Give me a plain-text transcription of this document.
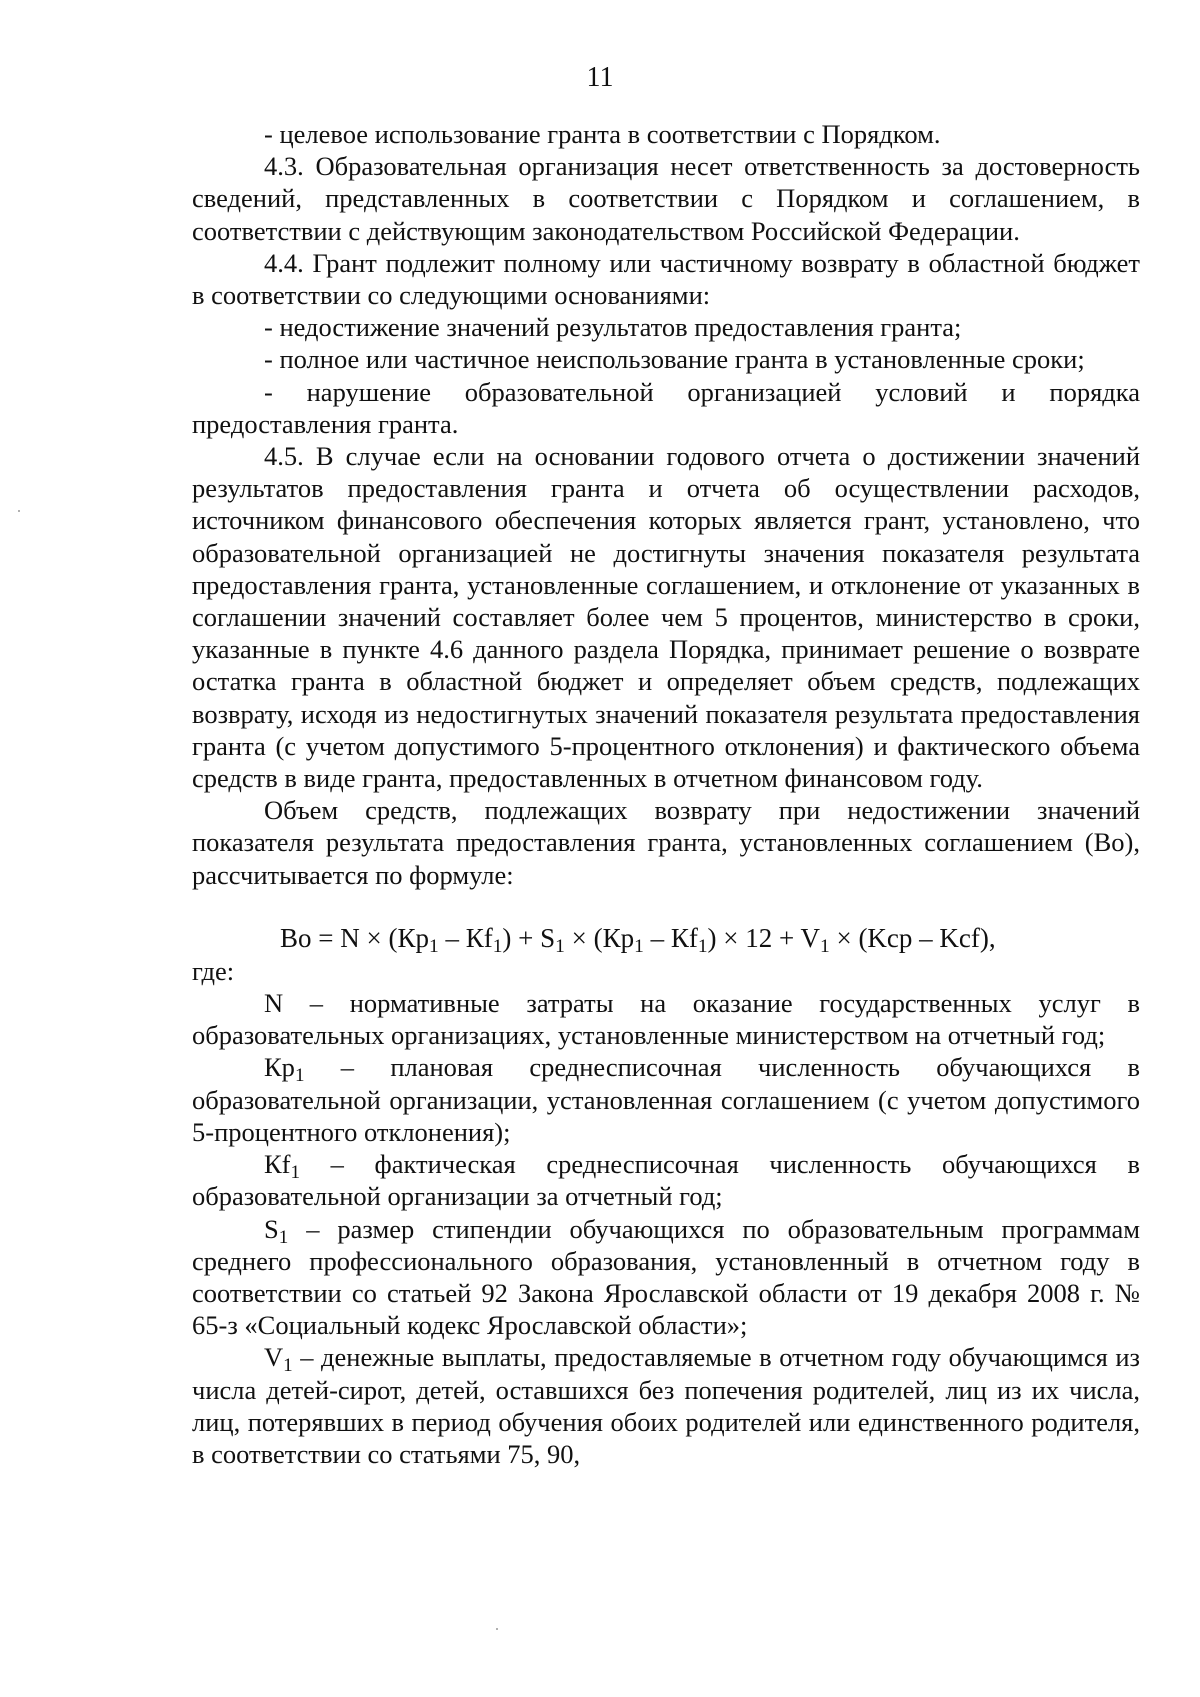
11

- целевое использование гранта в соответствии с Порядком.

4.3. Образовательная организация несет ответственность за достоверность сведений, представленных в соответствии с Порядком и соглашением, в соответствии с действующим законодательством Российской Федерации.

4.4. Грант подлежит полному или частичному возврату в областной бюджет в соответствии со следующими основаниями:

- недостижение значений результатов предоставления гранта;

- полное или частичное неиспользование гранта в установленные сроки;

- нарушение образовательной организацией условий и порядка предоставления гранта.

4.5. В случае если на основании годового отчета о достижении значений результатов предоставления гранта и отчета об осуществлении расходов, источником финансового обеспечения которых является грант, установлено, что образовательной организацией не достигнуты значения показателя результата предоставления гранта, установленные соглашением, и отклонение от указанных в соглашении значений составляет более чем 5 процентов, министерство в сроки, указанные в пункте 4.6 данного раздела Порядка, принимает решение о возврате остатка гранта в областной бюджет и определяет объем средств, подлежащих возврату, исходя из недостигнутых значений показателя результата предоставления гранта (с учетом допустимого 5-процентного отклонения) и фактического объема средств в виде гранта, предоставленных в отчетном финансовом году.

Объем средств, подлежащих возврату при недостижении значений показателя результата предоставления гранта, установленных соглашением (Во), рассчитывается по формуле:

Во = $N \times (Кр_1 - Кf_1) + S_1 \times (Кр_1 - Кf_1) \times 12 + V_1 \times (Kcp - Kcf)$,

где:

N – нормативные затраты на оказание государственных услуг в образовательных организациях, установленные министерством на отчетный год;

$Кр_1$ – плановая среднесписочная численность обучающихся в образовательной организации, установленная соглашением (с учетом допустимого 5-процентного отклонения);

$Кf_1$ – фактическая среднесписочная численность обучающихся в образовательной организации за отчетный год;

$S_1$ – размер стипендии обучающихся по образовательным программам среднего профессионального образования, установленный в отчетном году в соответствии со статьей 92 Закона Ярославской области от 19 декабря 2008 г. № 65-з «Социальный кодекс Ярославской области»;

$V_1$ – денежные выплаты, предоставляемые в отчетном году обучающимся из числа детей-сирот, детей, оставшихся без попечения родителей, лиц из их числа, лиц, потерявших в период обучения обоих родителей или единственного родителя, в соответствии со статьями 75, 90,
